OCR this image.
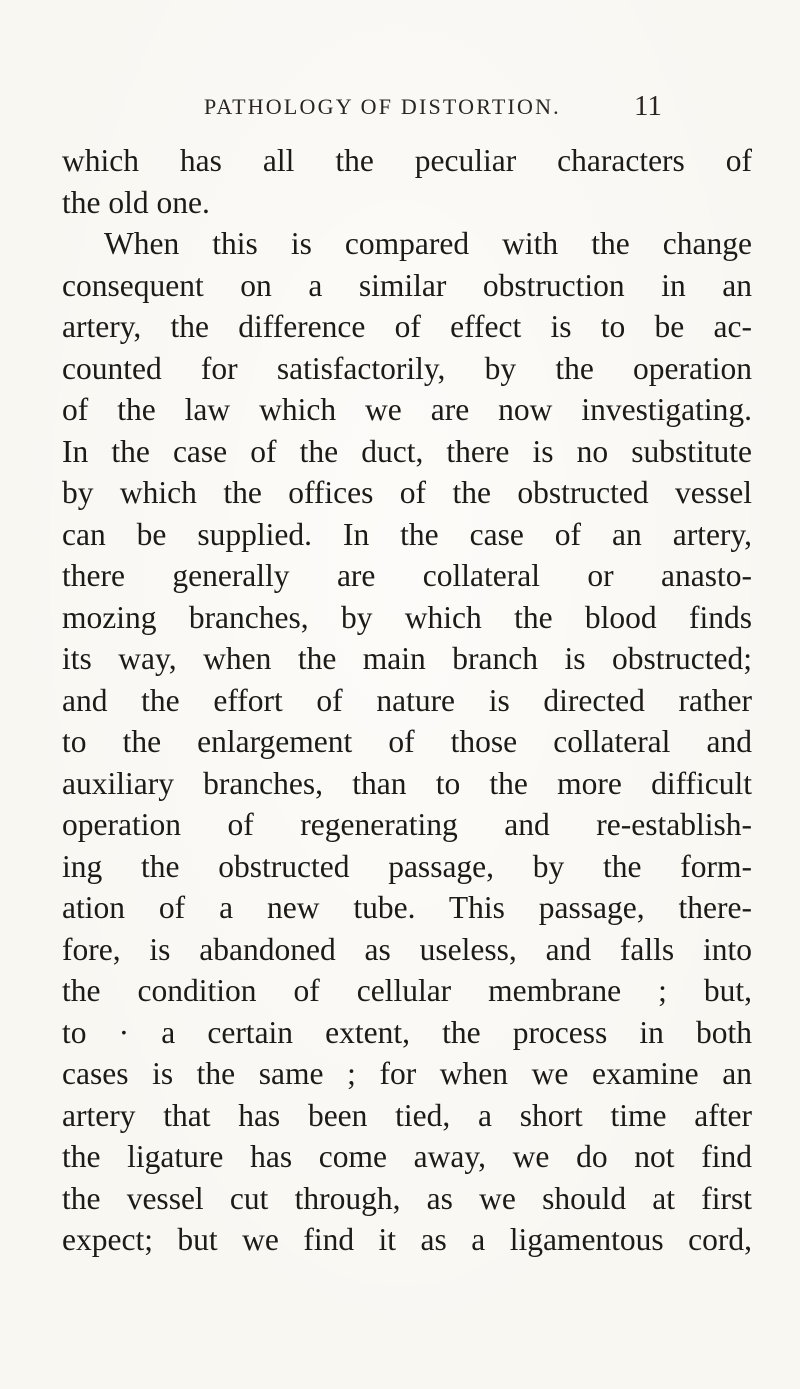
PATHOLOGY OF DISTORTION.	11
which has all the peculiar characters of
the old one.
When this is compared with the change
consequent on a similar obstruction in an
artery, the difference of effect is to be ac-
counted for satisfactorily, by the operation
of the law which we are now investigating.
In the case of the duct, there is no substitute
by which the offices of the obstructed vessel
can be supplied. In the case of an artery,
there generally are collateral or anasto-
mozing branches, by which the blood finds
its way, when the main branch is obstructed;
and the effort of nature is directed rather
to the enlargement of those collateral and
auxiliary branches, than to the more difficult
operation of regenerating and re-establish-
ing the obstructed passage, by the form-
ation of a new tube. This passage, there-
fore, is abandoned as useless, and falls into
the condition of cellular membrane ; but,
to · a certain extent, the process in both
cases is the same ; for when we examine an
artery that has been tied, a short time after
the ligature has come away, we do not find
the vessel cut through, as we should at first
expect; but we find it as a ligamentous cord,
